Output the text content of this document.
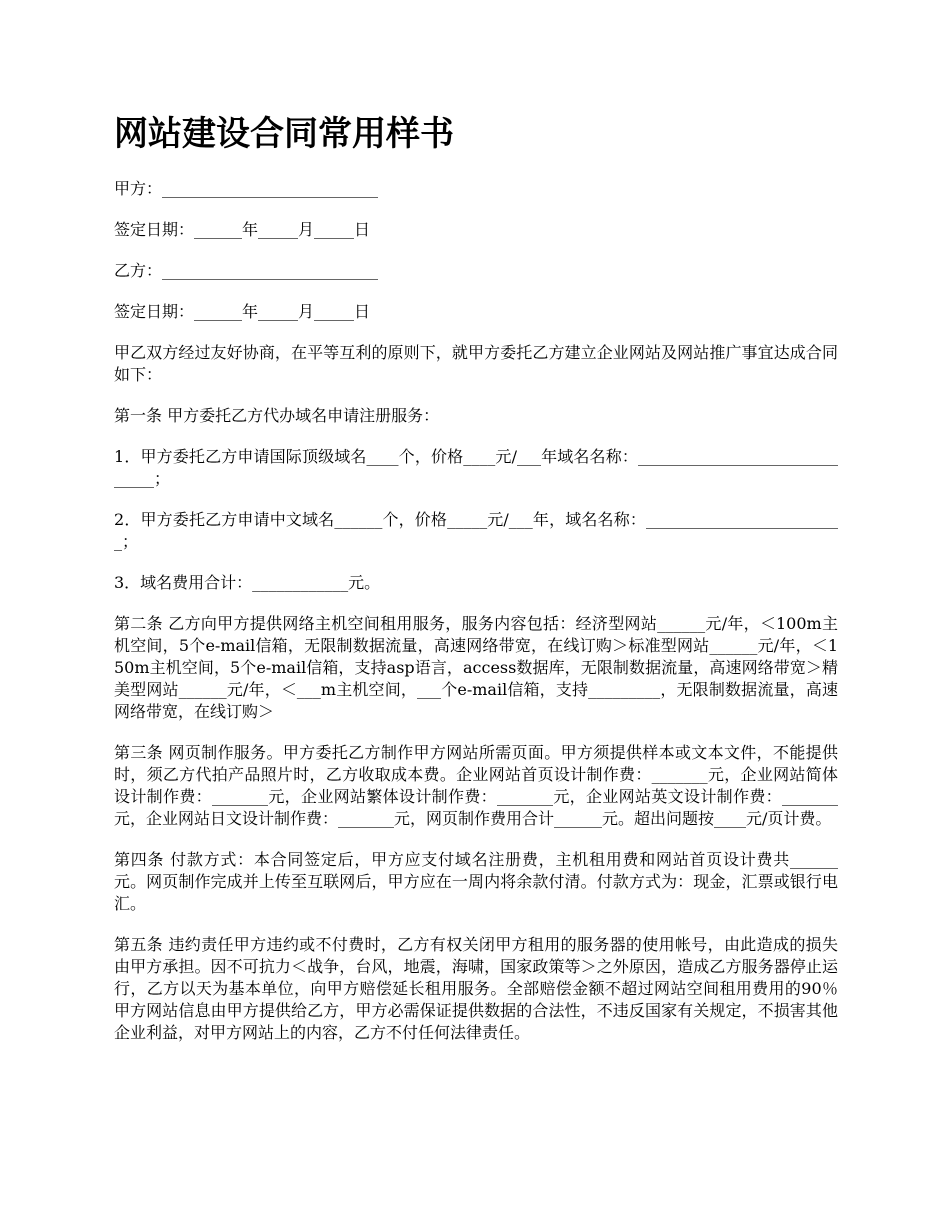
网站建设合同常用样书

甲方：___________________________

签定日期：______年_____月_____日

乙方：___________________________

签定日期：______年_____月_____日

甲乙双方经过友好协商，在平等互利的原则下，就甲方委托乙方建立企业网站及网站推广事宜达成合同如下：

第一条 甲方委托乙方代办域名申请注册服务：

1．甲方委托乙方申请国际顶级域名____个，价格____元/___年域名名称：______________________________；

2．甲方委托乙方申请中文域名______个，价格_____元/___年，域名名称：_________________________；

3．域名费用合计：____________元。

第二条 乙方向甲方提供网络主机空间租用服务，服务内容包括：经济型网站______元/年，＜100m主机空间，5个e-mail信箱，无限制数据流量，高速网络带宽，在线订购＞标准型网站______元/年，＜150m主机空间，5个e-mail信箱，支持asp语言，access数据库，无限制数据流量，高速网络带宽＞精美型网站______元/年，＜___m主机空间，___个e-mail信箱，支持_________，无限制数据流量，高速网络带宽，在线订购＞

第三条 网页制作服务。甲方委托乙方制作甲方网站所需页面。甲方须提供样本或文本文件，不能提供时，须乙方代拍产品照片时，乙方收取成本费。企业网站首页设计制作费：_______元，企业网站简体设计制作费：_______元，企业网站繁体设计制作费：_______元，企业网站英文设计制作费：_______元，企业网站日文设计制作费：_______元，网页制作费用合计______元。超出问题按____元/页计费。

第四条 付款方式：本合同签定后，甲方应支付域名注册费，主机租用费和网站首页设计费共______元。网页制作完成并上传至互联网后，甲方应在一周内将余款付清。付款方式为：现金，汇票或银行电汇。

第五条 违约责任甲方违约或不付费时，乙方有权关闭甲方租用的服务器的使用帐号，由此造成的损失由甲方承担。因不可抗力＜战争，台风，地震，海啸，国家政策等＞之外原因，造成乙方服务器停止运行，乙方以天为基本单位，向甲方赔偿延长租用服务。全部赔偿金额不超过网站空间租用费用的90％甲方网站信息由甲方提供给乙方，甲方必需保证提供数据的合法性，不违反国家有关规定，不损害其他企业利益，对甲方网站上的内容，乙方不付任何法律责任。
